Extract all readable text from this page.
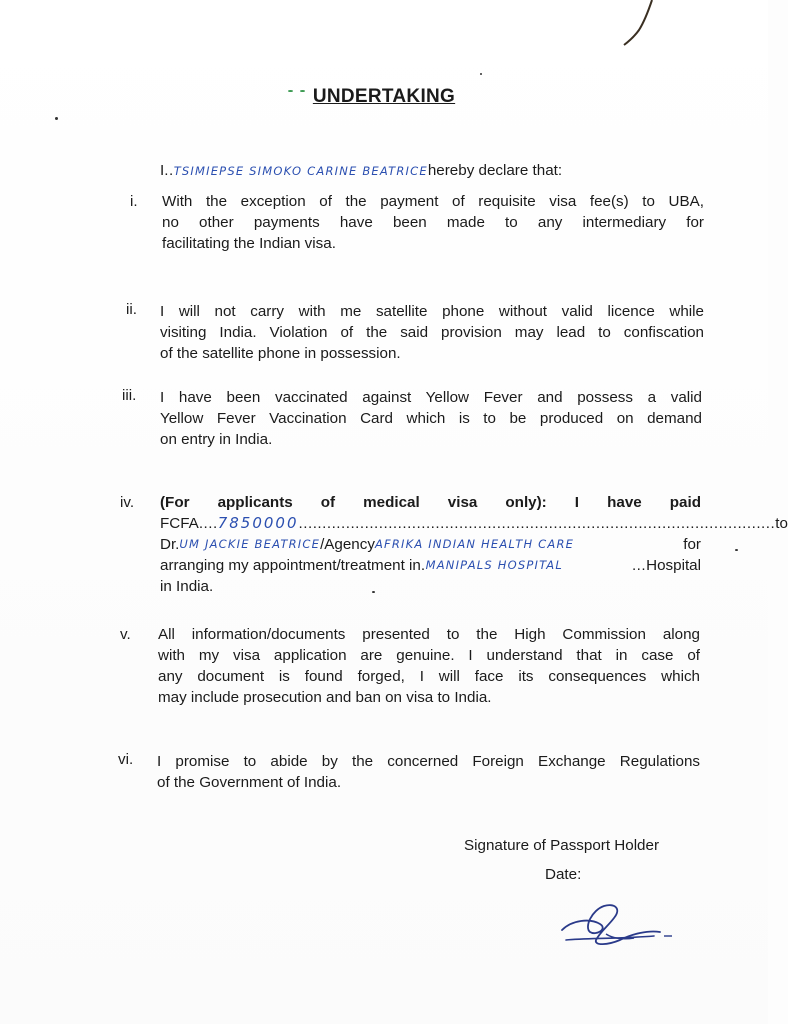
UNDERTAKING
I..TSIMIEPSE SIMOKO CARINE BEATRICEhereby declare that:
i. With the exception of the payment of requisite visa fee(s) to UBA,
no other payments have been made to any intermediary for
facilitating the Indian visa.
ii. I will not carry with me satellite phone without valid licence while
visiting India. Violation of the said provision may lead to confiscation
of the satellite phone in possession.
iii. I have been vaccinated against Yellow Fever and possess a valid
Yellow Fever Vaccination Card which is to be produced on demand
on entry in India.
iv. (For applicants of medical visa only): I have paid
FCFA .... 7850000 ..................................................................................................... to
Dr. UM JACKIE BEATRICE /Agency AFRIKA INDIAN HEALTH CARE	for
arranging my appointment/treatment in . MANIPALS HOSPITAL	... Hospital
in India.
v. All information/documents presented to the High Commission along
with my visa application are genuine. I understand that in case of
any document is found forged, I will face its consequences which
may include prosecution and ban on visa to India.
vi. I promise to abide by the concerned Foreign Exchange Regulations
of the Government of India.
Signature of Passport Holder
Date:
